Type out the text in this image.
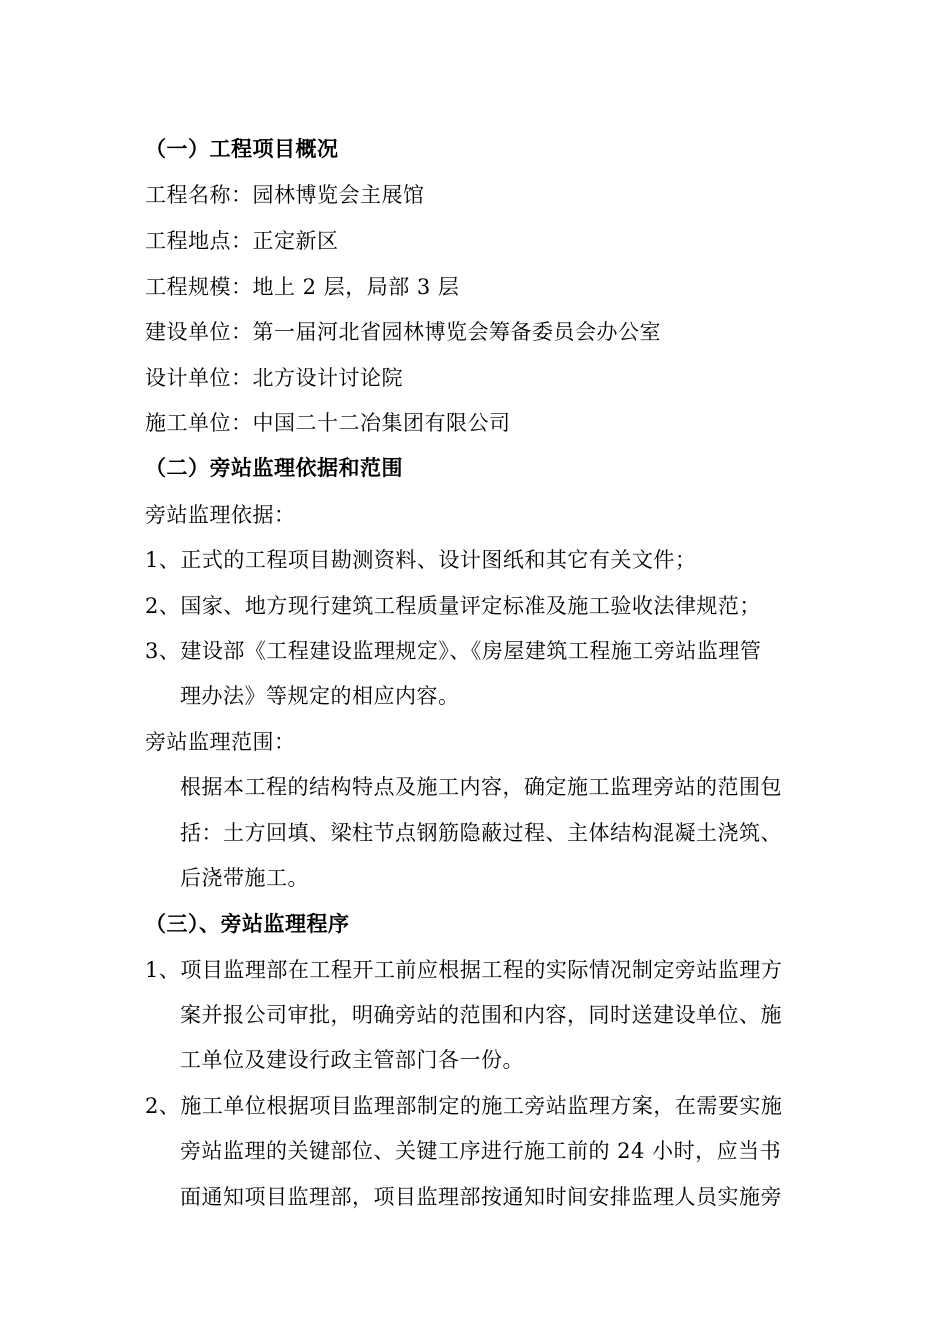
（一）工程项目概况
工程名称：园林博览会主展馆
工程地点：正定新区
工程规模：地上 2 层，局部 3 层
建设单位：第一届河北省园林博览会筹备委员会办公室
设计单位：北方设计讨论院
施工单位：中国二十二冶集团有限公司
（二）旁站监理依据和范围
旁站监理依据：
1、正式的工程项目勘测资料、设计图纸和其它有关文件；
2、国家、地方现行建筑工程质量评定标准及施工验收法律规范；
3、建设部《工程建设监理规定》、《房屋建筑工程施工旁站监理管
理办法》等规定的相应内容。
旁站监理范围：
根据本工程的结构特点及施工内容，确定施工监理旁站的范围包
括：土方回填、梁柱节点钢筋隐蔽过程、主体结构混凝土浇筑、
后浇带施工。
（三）、旁站监理程序
1、项目监理部在工程开工前应根据工程的实际情况制定旁站监理方
案并报公司审批，明确旁站的范围和内容，同时送建设单位、施
工单位及建设行政主管部门各一份。
2、施工单位根据项目监理部制定的施工旁站监理方案，在需要实施
旁站监理的关键部位、关键工序进行施工前的 24 小时，应当书
面通知项目监理部，项目监理部按通知时间安排监理人员实施旁
